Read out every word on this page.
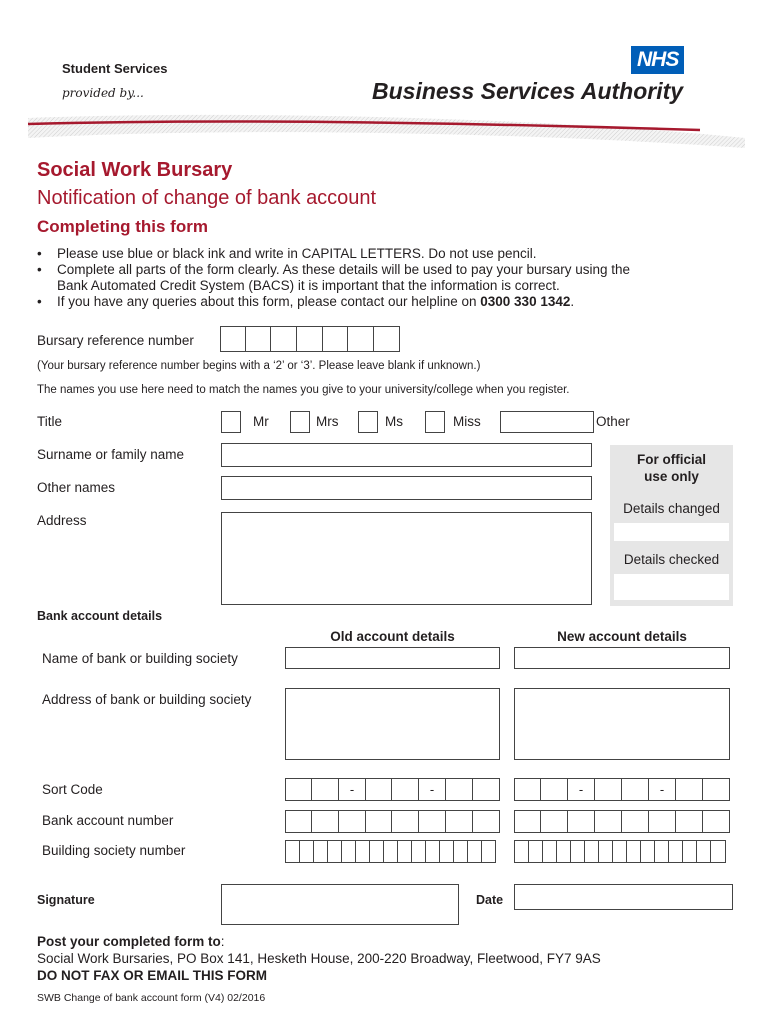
Student Services
provided by...
NHS
Business Services Authority
Social Work Bursary
Notification of change of bank account
Completing this form
• Please use blue or black ink and write in CAPITAL LETTERS. Do not use pencil.
• Complete all parts of the form clearly. As these details will be used to pay your bursary using the
Bank Automated Credit System (BACS) it is important that the information is correct.
• If you have any queries about this form, please contact our helpline on 0300 330 1342.
Bursary reference number
(Your bursary reference number begins with a ‘2’ or ‘3’. Please leave blank if unknown.)
The names you use here need to match the names you give to your university/college when you register.
Title	Mr	Mrs	Ms	Miss	Other
Surname or family name
Other names
Address
For official
use only
Details changed
Details checked
Bank account details
Old account details	New account details
Name of bank or building society
Address of bank or building society
Sort Code	-	-	-	-
Bank account number
Building society number
Signature	Date
Post your completed form to:
Social Work Bursaries, PO Box 141, Hesketh House, 200-220 Broadway, Fleetwood, FY7 9AS
DO NOT FAX OR EMAIL THIS FORM
SWB Change of bank account form (V4) 02/2016
